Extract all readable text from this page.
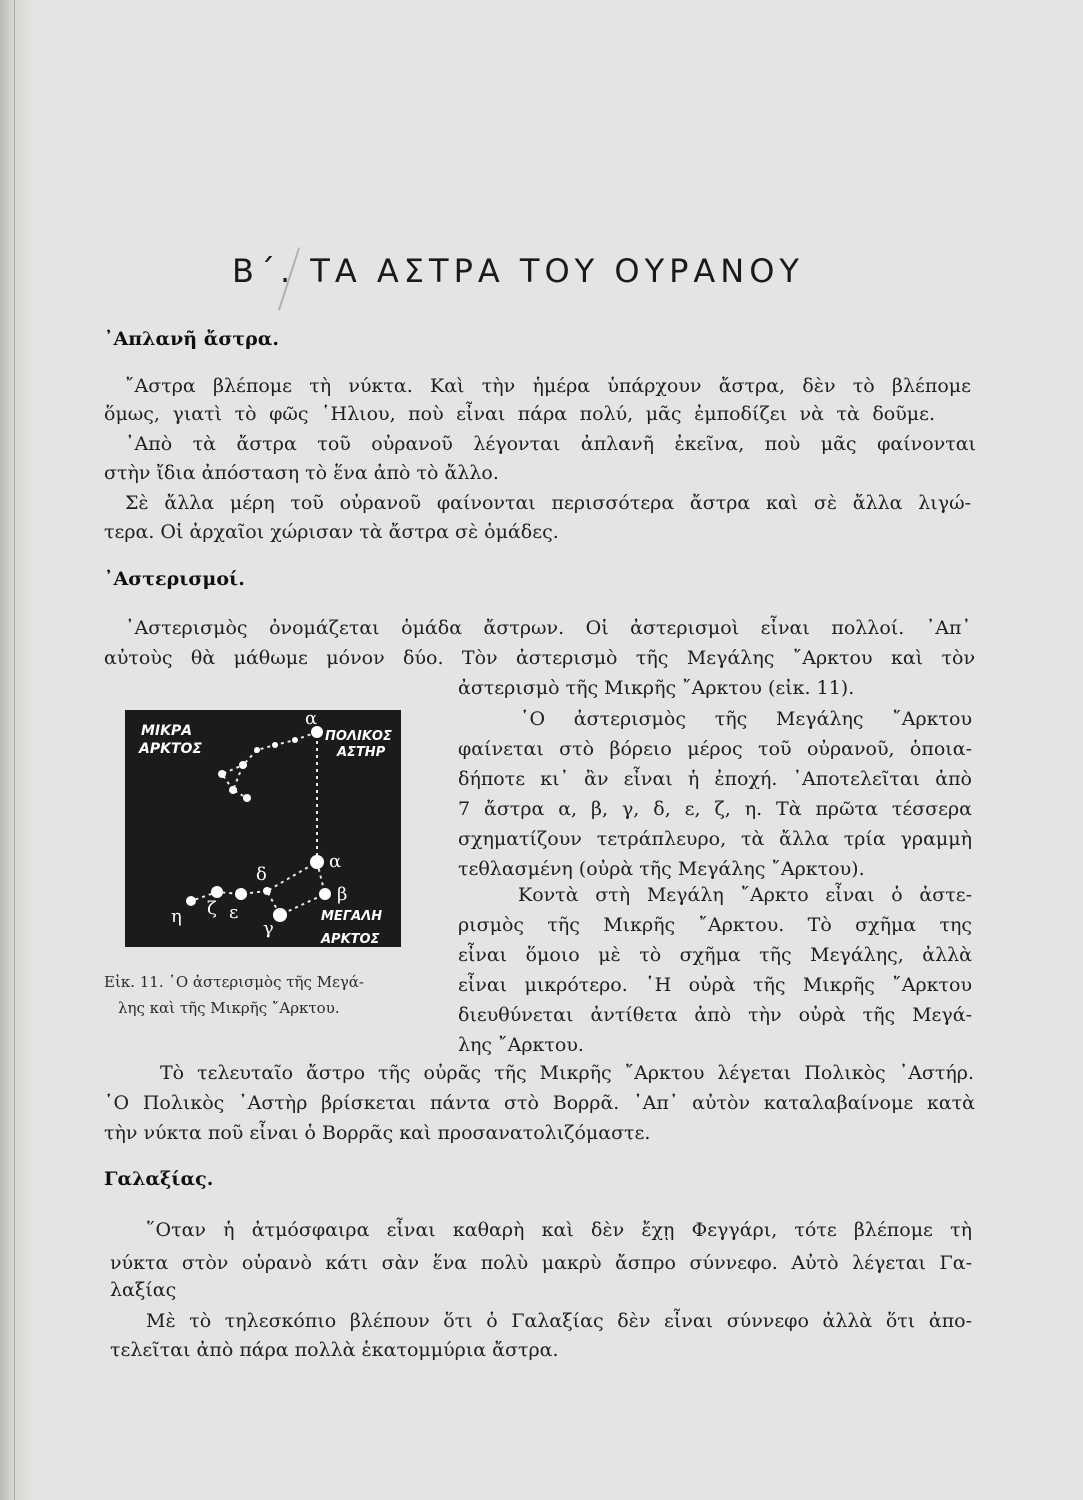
Β΄. ΤΑ ΑΣΤΡΑ ΤΟΥ ΟΥΡΑΝΟΥ
᾿Απλανῆ ἄστρα.
῎Αστρα βλέπομε τὴ νύκτα. Καὶ τὴν ἡμέρα ὑπάρχουν ἄστρα, δὲν τὸ βλέπομε
ὅμως, γιατὶ τὸ φῶς ῾Ηλιου, ποὺ εἶναι πάρα πολύ, μᾶς ἐμποδίζει νὰ τὰ δοῦμε.
᾿Απὸ τὰ ἄστρα τοῦ οὐρανοῦ λέγονται ἀπλανῆ ἐκεῖνα, ποὺ μᾶς φαίνονται
στὴν ἴδια ἀπόσταση τὸ ἕνα ἀπὸ τὸ ἄλλο.
Σὲ ἄλλα μέρη τοῦ οὐρανοῦ φαίνονται περισσότερα ἄστρα καὶ σὲ ἄλλα λιγώ-
τερα. Οἱ ἀρχαῖοι χώρισαν τὰ ἄστρα σὲ ὁμάδες.
᾿Αστερισμοί.
᾿Αστερισμὸς ὀνομάζεται ὁμάδα ἄστρων. Οἱ ἀστερισμοὶ εἶναι πολλοί. ᾿Απ᾿
αὐτοὺς θὰ μάθωμε μόνον δύο. Τὸν ἀστερισμὸ τῆς Μεγάλης ῎Αρκτου καὶ τὸν
ἀστερισμὸ τῆς Μικρῆς ῎Αρκτου (εἰκ. 11).
῾Ο ἀστερισμὸς τῆς Μεγάλης ῎Αρκτου
φαίνεται στὸ βόρειο μέρος τοῦ οὐρανοῦ, ὁποια-
δήποτε κι᾿ ἂν εἶναι ἡ ἐποχή. ᾿Αποτελεῖται ἀπὸ
7 ἄστρα α, β, γ, δ, ε, ζ, η. Τὰ πρῶτα τέσσερα
σχηματίζουν τετράπλευρο, τὰ ἄλλα τρία γραμμὴ
τεθλασμένη (οὐρὰ τῆς Μεγάλης ῎Αρκτου).
Κοντὰ στὴ Μεγάλη ῎Αρκτο εἶναι ὁ ἀστε-
ρισμὸς τῆς Μικρῆς ῎Αρκτου. Τὸ σχῆμα της
εἶναι ὅμοιο μὲ τὸ σχῆμα τῆς Μεγάλης, ἀλλὰ
εἶναι μικρότερο. ῾Η οὐρὰ τῆς Μικρῆς ῎Αρκτου
διευθύνεται ἀντίθετα ἀπὸ τὴν οὐρὰ τῆς Μεγά-
λης ῎Αρκτου.
Τὸ τελευταῖο ἄστρο τῆς οὐρᾶς τῆς Μικρῆς ῎Αρκτου λέγεται Πολικὸς ᾿Αστήρ.
῾Ο Πολικὸς ᾿Αστὴρ βρίσκεται πάντα στὸ Βορρᾶ. ᾿Απ᾿ αὐτὸν καταλαβαίνομε κατὰ
τὴν νύκτα ποῦ εἶναι ὁ Βορρᾶς καὶ προσανατολιζόμαστε.
ΜΙΚΡΑ
ΑΡΚΤΟΣ
ΠΟΛΙΚΟΣ
ΑΣΤΗΡ
ΜΕΓΑΛΗ
ΑΡΚΤΟΣ
α
α
β
γ
δ
ε
ζ
η
Εἰκ. 11. ῾Ο ἀστερισμὸς τῆς Μεγά-
λης καὶ τῆς Μικρῆς ῎Αρκτου.
Γαλαξίας.
῞Οταν ἡ ἀτμόσφαιρα εἶναι καθαρὴ καὶ δὲν ἔχῃ Φεγγάρι, τότε βλέπομε τὴ
νύκτα στὸν οὐρανὸ κάτι σὰν ἕνα πολὺ μακρὺ ἄσπρο σύννεφο. Αὐτὸ λέγεται Γα-
λαξίας
Μὲ τὸ τηλεσκόπιο βλέπουν ὅτι ὁ Γαλαξίας δὲν εἶναι σύννεφο ἀλλὰ ὅτι ἀπο-
τελεῖται ἀπὸ πάρα πολλὰ ἑκατομμύρια ἄστρα.
